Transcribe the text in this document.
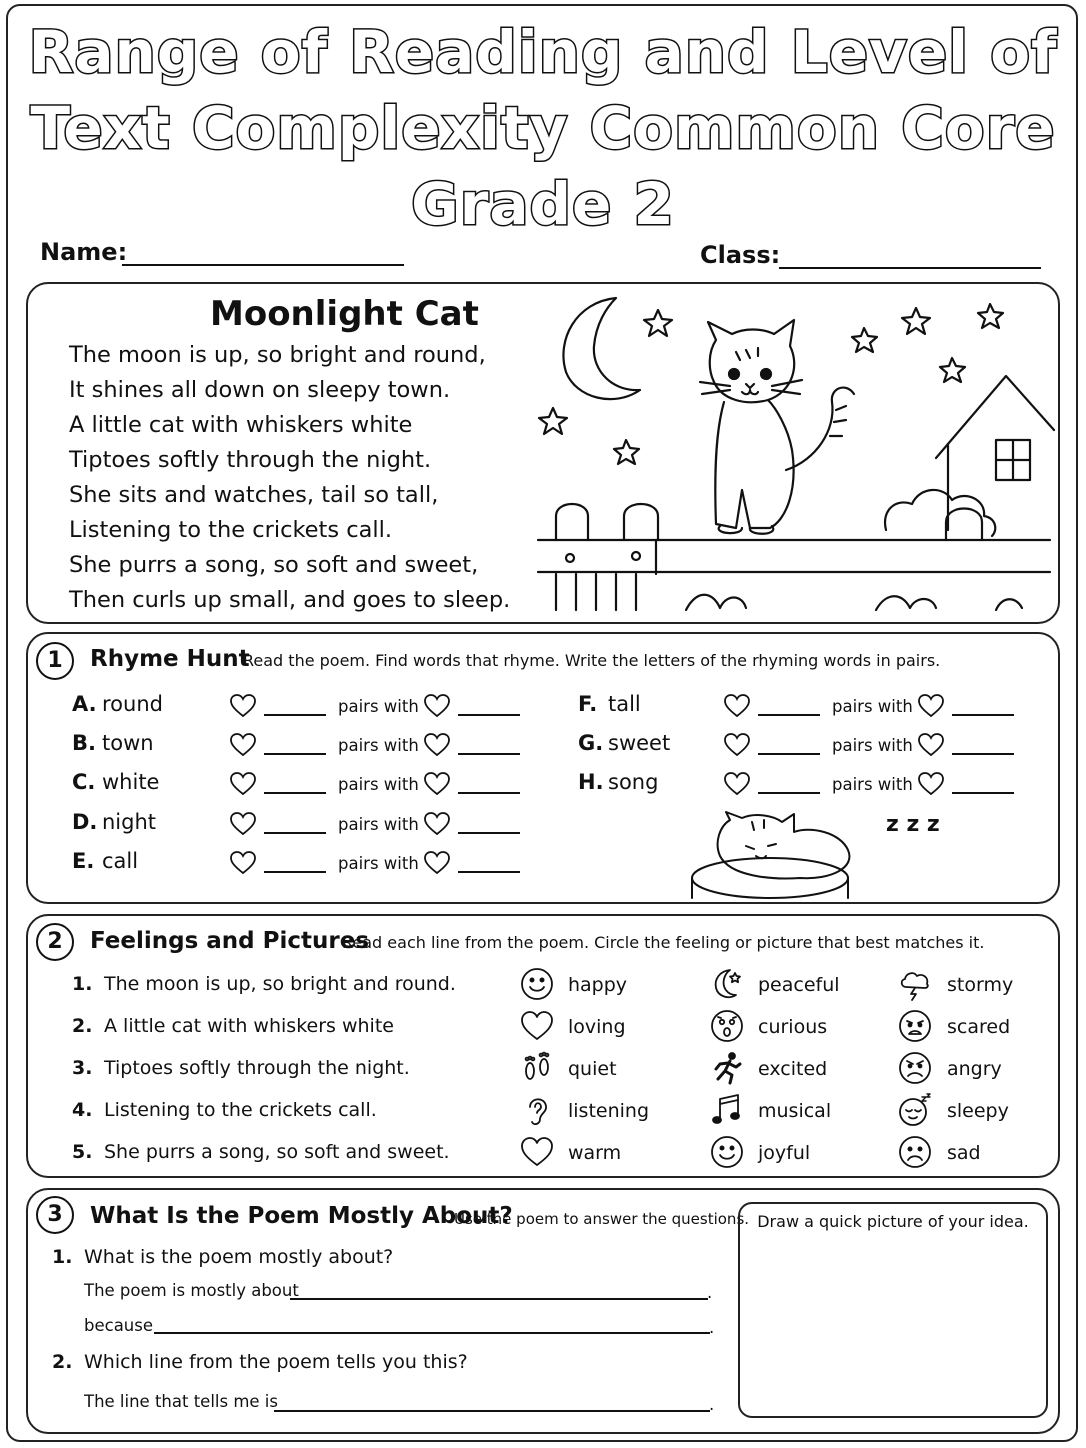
Range of Reading and Level of
Text Complexity Common Core
Grade 2
Name:	Class:
Moonlight Cat
The moon is up, so bright and round,
It shines all down on sleepy town.
A little cat with whiskers white
Tiptoes softly through the night.
She sits and watches, tail so tall,
Listening to the crickets call.
She purrs a song, so soft and sweet,
Then curls up small, and goes to sleep.
1	Rhyme Hunt
Read the poem. Find words that rhyme. Write the letters of the rhyming words in pairs.
A. round	pairs with
B. town	pairs with
C. white	pairs with
D. night	pairs with
E. call	pairs with
F. tall	pairs with
G. sweet	pairs with
H. song	pairs with
z z z
2	Feelings and Pictures
Read each line from the poem. Circle the feeling or picture that best matches it.
1. The moon is up, so bright and round.	happy	peaceful	stormy
2. A little cat with whiskers white	loving	curious	scared
3. Tiptoes softly through the night.	quiet	excited	angry
4. Listening to the crickets call.	listening	musical	sleepy
5. She purrs a song, so soft and sweet.	warm	joyful	sad
3	What Is the Poem Mostly About?
Use the poem to answer the questions.
1. What is the poem mostly about?
The poem is mostly about	.
because	.
2. Which line from the poem tells you this?
The line that tells me is	.
Draw a quick picture of your idea.
